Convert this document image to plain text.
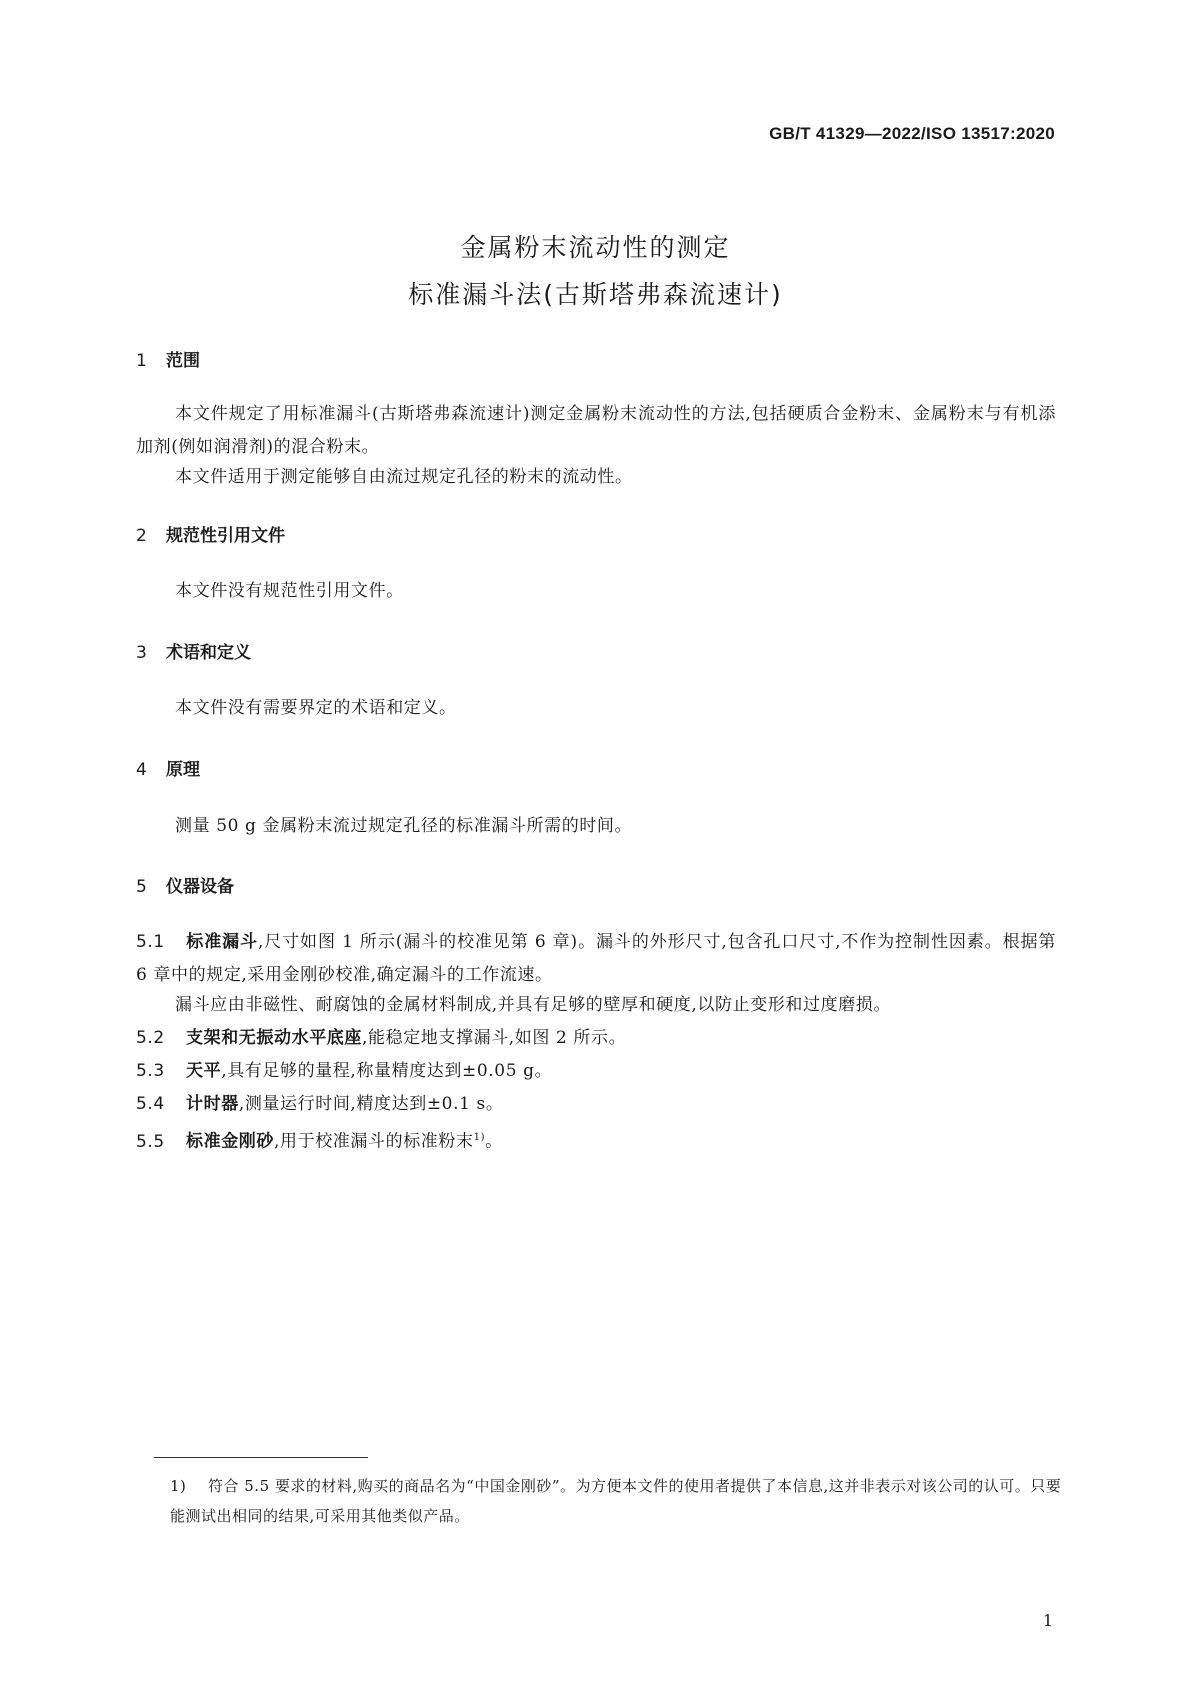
GB/T 41329—2022/ISO 13517:2020
金属粉末流动性的测定
标准漏斗法(古斯塔弗森流速计)
1 范围
本文件规定了用标准漏斗(古斯塔弗森流速计)测定金属粉末流动性的方法,包括硬质合金粉末、金属粉末与有机添加剂(例如润滑剂)的混合粉末。
本文件适用于测定能够自由流过规定孔径的粉末的流动性。
2 规范性引用文件
本文件没有规范性引用文件。
3 术语和定义
本文件没有需要界定的术语和定义。
4 原理
测量 50 g 金属粉末流过规定孔径的标准漏斗所需的时间。
5 仪器设备
5.1 标准漏斗,尺寸如图 1 所示(漏斗的校准见第 6 章)。漏斗的外形尺寸,包含孔口尺寸,不作为控制性因素。根据第 6 章中的规定,采用金刚砂校准,确定漏斗的工作流速。
漏斗应由非磁性、耐腐蚀的金属材料制成,并具有足够的壁厚和硬度,以防止变形和过度磨损。
5.2 支架和无振动水平底座,能稳定地支撑漏斗,如图 2 所示。
5.3 天平,具有足够的量程,称量精度达到±0.05 g。
5.4 计时器,测量运行时间,精度达到±0.1 s。
5.5 标准金刚砂,用于校准漏斗的标准粉末$^{1)}$。
1) 符合 5.5 要求的材料,购买的商品名为“中国金刚砂”。为方便本文件的使用者提供了本信息,这并非表示对该公司的认可。只要能测试出相同的结果,可采用其他类似产品。
1
